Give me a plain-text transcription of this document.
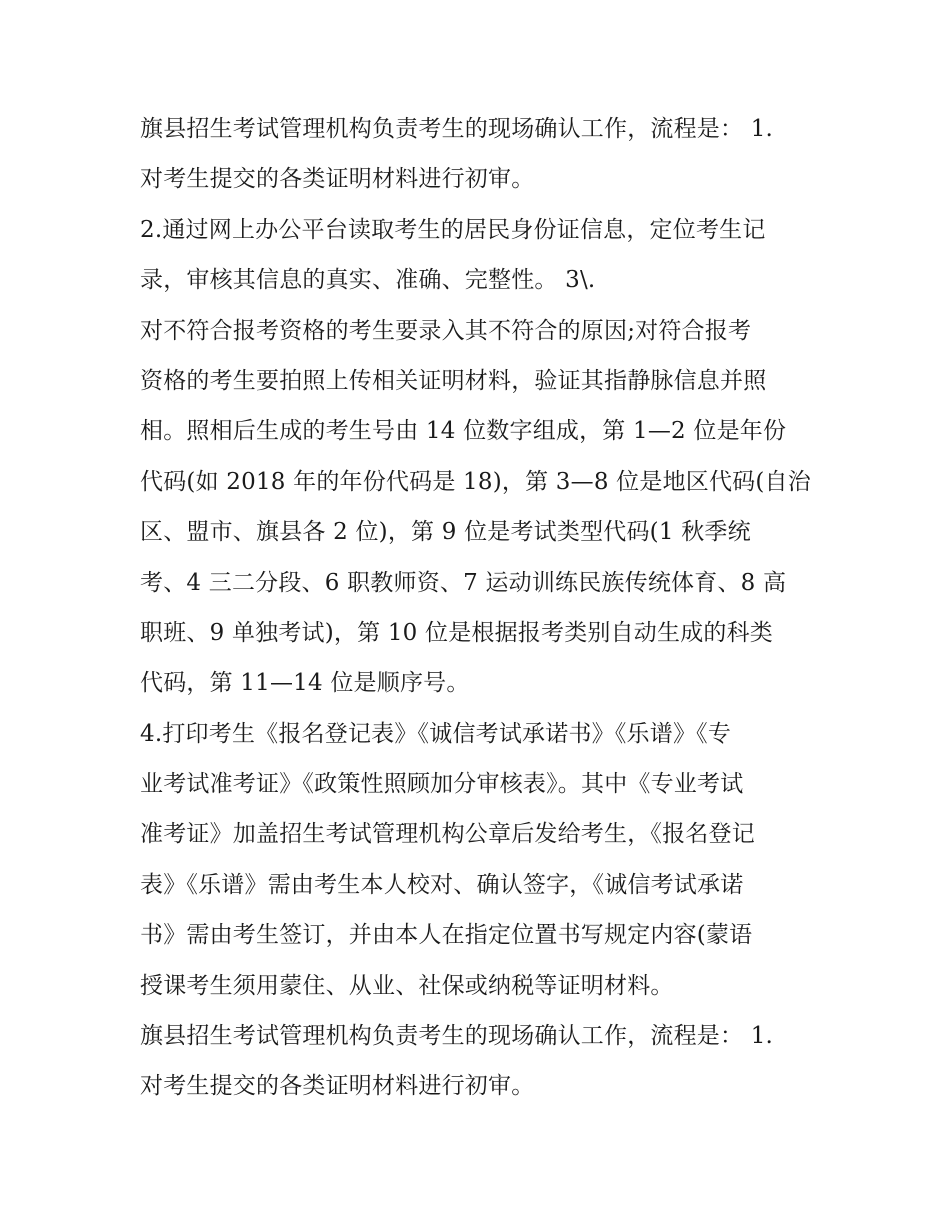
旗县招生考试管理机构负责考生的现场确认工作，流程是： 1.
对考生提交的各类证明材料进行初审。
2.通过网上办公平台读取考生的居民身份证信息，定位考生记
录，审核其信息的真实、准确、完整性。 3\.
对不符合报考资格的考生要录入其不符合的原因;对符合报考
资格的考生要拍照上传相关证明材料，验证其指静脉信息并照
相。照相后生成的考生号由 14 位数字组成，第 1—2 位是年份
代码(如 2018 年的年份代码是 18)，第 3—8 位是地区代码(自治
区、盟市、旗县各 2 位)，第 9 位是考试类型代码(1 秋季统
考、4 三二分段、6 职教师资、7 运动训练民族传统体育、8 高
职班、9 单独考试)，第 10 位是根据报考类别自动生成的科类
代码，第 11—14 位是顺序号。
4.打印考生《报名登记表》《诚信考试承诺书》《乐谱》《专
业考试准考证》《政策性照顾加分审核表》。其中《专业考试
准考证》加盖招生考试管理机构公章后发给考生，《报名登记
表》《乐谱》需由考生本人校对、确认签字，《诚信考试承诺
书》需由考生签订，并由本人在指定位置书写规定内容(蒙语
授课考生须用蒙住、从业、社保或纳税等证明材料。
旗县招生考试管理机构负责考生的现场确认工作，流程是： 1.
对考生提交的各类证明材料进行初审。
